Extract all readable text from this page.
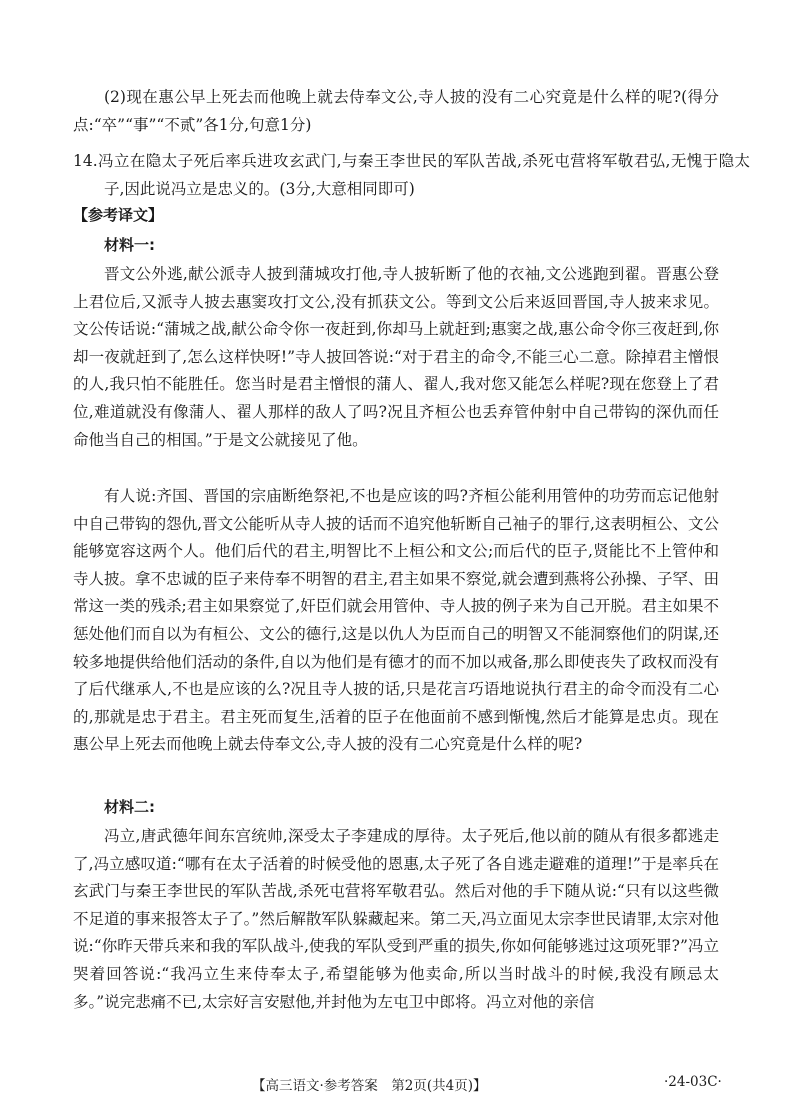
(2)现在惠公早上死去而他晚上就去侍奉文公,寺人披的没有二心究竟是什么样的呢?(得分点:“卒”“事”“不贰”各1分,句意1分)

14.冯立在隐太子死后率兵进攻玄武门,与秦王李世民的军队苦战,杀死屯营将军敬君弘,无愧于隐太子,因此说冯立是忠义的。(3分,大意相同即可)

【参考译文】

材料一:

晋文公外逃,献公派寺人披到蒲城攻打他,寺人披斩断了他的衣袖,文公逃跑到翟。晋惠公登上君位后,又派寺人披去惠窦攻打文公,没有抓获文公。等到文公后来返回晋国,寺人披来求见。文公传话说:“蒲城之战,献公命令你一夜赶到,你却马上就赶到;惠窦之战,惠公命令你三夜赶到,你却一夜就赶到了,怎么这样快呀!”寺人披回答说:“对于君主的命令,不能三心二意。除掉君主憎恨的人,我只怕不能胜任。您当时是君主憎恨的蒲人、翟人,我对您又能怎么样呢?现在您登上了君位,难道就没有像蒲人、翟人那样的敌人了吗?况且齐桓公也丢弃管仲射中自己带钩的深仇而任命他当自己的相国。”于是文公就接见了他。

有人说:齐国、晋国的宗庙断绝祭祀,不也是应该的吗?齐桓公能利用管仲的功劳而忘记他射中自己带钩的怨仇,晋文公能听从寺人披的话而不追究他斩断自己袖子的罪行,这表明桓公、文公能够宽容这两个人。他们后代的君主,明智比不上桓公和文公;而后代的臣子,贤能比不上管仲和寺人披。拿不忠诚的臣子来侍奉不明智的君主,君主如果不察觉,就会遭到燕将公孙操、子罕、田常这一类的残杀;君主如果察觉了,奸臣们就会用管仲、寺人披的例子来为自己开脱。君主如果不惩处他们而自以为有桓公、文公的德行,这是以仇人为臣而自己的明智又不能洞察他们的阴谋,还较多地提供给他们活动的条件,自以为他们是有德才的而不加以戒备,那么即使丧失了政权而没有了后代继承人,不也是应该的么?况且寺人披的话,只是花言巧语地说执行君主的命令而没有二心的,那就是忠于君主。君主死而复生,活着的臣子在他面前不感到惭愧,然后才能算是忠贞。现在惠公早上死去而他晚上就去侍奉文公,寺人披的没有二心究竟是什么样的呢?

材料二:

冯立,唐武德年间东宫统帅,深受太子李建成的厚待。太子死后,他以前的随从有很多都逃走了,冯立感叹道:“哪有在太子活着的时候受他的恩惠,太子死了各自逃走避难的道理!”于是率兵在玄武门与秦王李世民的军队苦战,杀死屯营将军敬君弘。然后对他的手下随从说:“只有以这些微不足道的事来报答太子了。”然后解散军队躲藏起来。第二天,冯立面见太宗李世民请罪,太宗对他说:“你昨天带兵来和我的军队战斗,使我的军队受到严重的损失,你如何能够逃过这项死罪?”冯立哭着回答说:“我冯立生来侍奉太子,希望能够为他卖命,所以当时战斗的时候,我没有顾忌太多。”说完悲痛不已,太宗好言安慰他,并封他为左屯卫中郎将。冯立对他的亲信

【高三语文·参考答案　第2页(共4页)】	·24-03C·
